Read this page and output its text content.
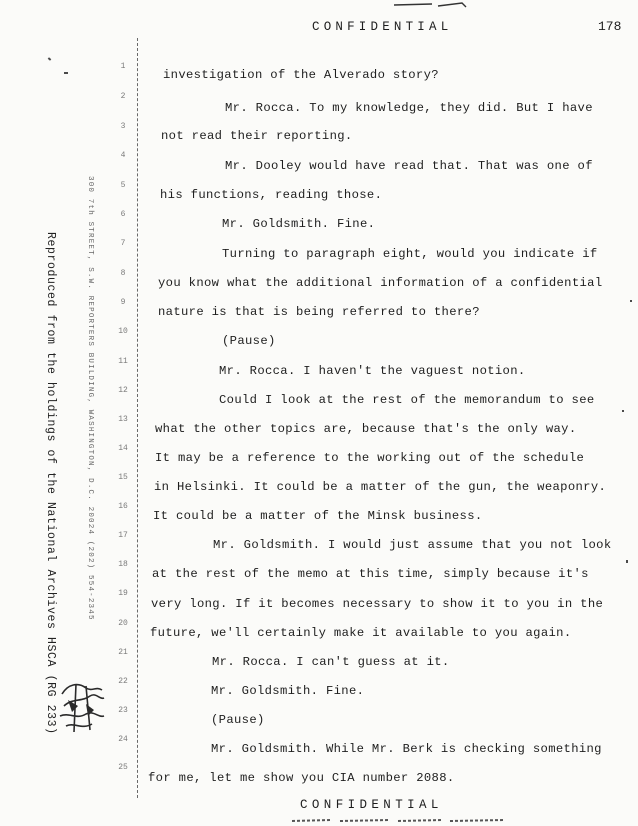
CONFIDENTIAL	178
Reproduced from the holdings of the National Archives HSCA (RG 233)	300 7th STREET, S.W. REPORTERS BUILDING, WASHINGTON, D.C. 20024 (202) 554-2345
1
2
3
4
5
6
7
8
9
10
11
12
13
14
15
16
17
18
19
20
21
22
23
24
25
investigation of the Alverado story?
Mr. Rocca. To my knowledge, they did. But I have
not read their reporting.
Mr. Dooley would have read that. That was one of
his functions, reading those.
Mr. Goldsmith. Fine.
Turning to paragraph eight, would you indicate if
you know what the additional information of a confidential
nature is that is being referred to there?
(Pause)
Mr. Rocca. I haven't the vaguest notion.
Could I look at the rest of the memorandum to see
what the other topics are, because that's the only way.
It may be a reference to the working out of the schedule
in Helsinki. It could be a matter of the gun, the weaponry.
It could be a matter of the Minsk business.
Mr. Goldsmith. I would just assume that you not look
at the rest of the memo at this time, simply because it's
very long. If it becomes necessary to show it to you in the
future, we'll certainly make it available to you again.
Mr. Rocca. I can't guess at it.
Mr. Goldsmith. Fine.
(Pause)
Mr. Goldsmith. While Mr. Berk is checking something
for me, let me show you CIA number 2088.
CONFIDENTIAL
